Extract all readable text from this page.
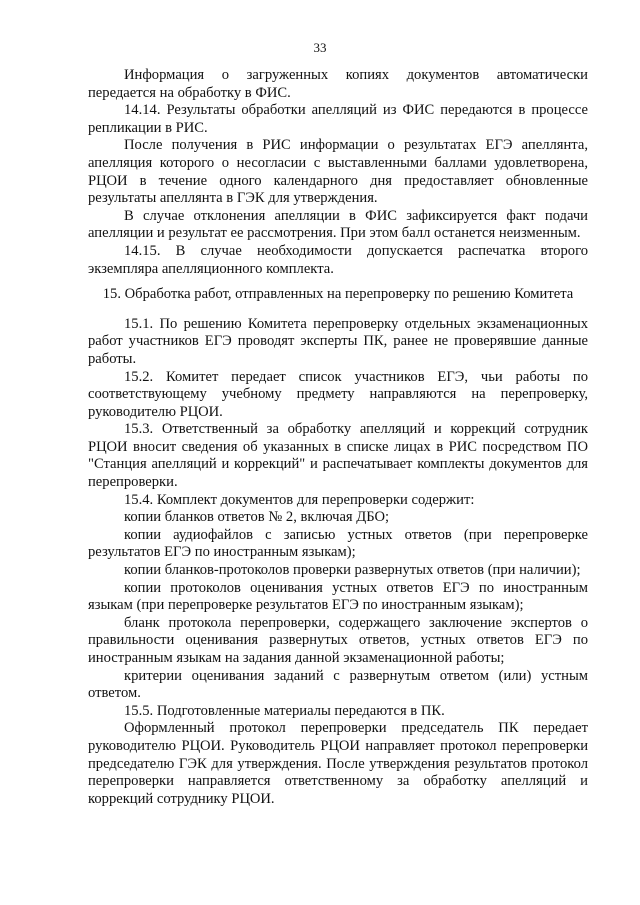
33

Информация о загруженных копиях документов автоматически передается на обработку в ФИС.

14.14. Результаты обработки апелляций из ФИС передаются в процессе репликации в РИС.

После получения в РИС информации о результатах ЕГЭ апеллянта, апелляция которого о несогласии с выставленными баллами удовлетворена, РЦОИ в течение одного календарного дня предоставляет обновленные результаты апеллянта в ГЭК для утверждения.

В случае отклонения апелляции в ФИС зафиксируется факт подачи апелляции и результат ее рассмотрения. При этом балл останется неизменным.

14.15. В случае необходимости допускается распечатка второго экземпляра апелляционного комплекта.

15. Обработка работ, отправленных на перепроверку по решению Комитета

15.1. По решению Комитета перепроверку отдельных экзаменационных работ участников ЕГЭ проводят эксперты ПК, ранее не проверявшие данные работы.

15.2. Комитет передает список участников ЕГЭ, чьи работы по соответствующему учебному предмету направляются на перепроверку, руководителю РЦОИ.

15.3. Ответственный за обработку апелляций и коррекций сотрудник РЦОИ вносит сведения об указанных в списке лицах в РИС посредством ПО "Станция апелляций и коррекций" и распечатывает комплекты документов для перепроверки.

15.4. Комплект документов для перепроверки содержит:

копии бланков ответов № 2, включая ДБО;

копии аудиофайлов с записью устных ответов (при перепроверке результатов ЕГЭ по иностранным языкам);

копии бланков-протоколов проверки развернутых ответов (при наличии);

копии протоколов оценивания устных ответов ЕГЭ по иностранным языкам (при перепроверке результатов ЕГЭ по иностранным языкам);

бланк протокола перепроверки, содержащего заключение экспертов о правильности оценивания развернутых ответов, устных ответов ЕГЭ по иностранным языкам на задания данной экзаменационной работы;

критерии оценивания заданий с развернутым ответом (или) устным ответом.

15.5. Подготовленные материалы передаются в ПК.

Оформленный протокол перепроверки председатель ПК передает руководителю РЦОИ. Руководитель РЦОИ направляет протокол перепроверки председателю ГЭК для утверждения. После утверждения результатов протокол перепроверки направляется ответственному за обработку апелляций и коррекций сотруднику РЦОИ.
